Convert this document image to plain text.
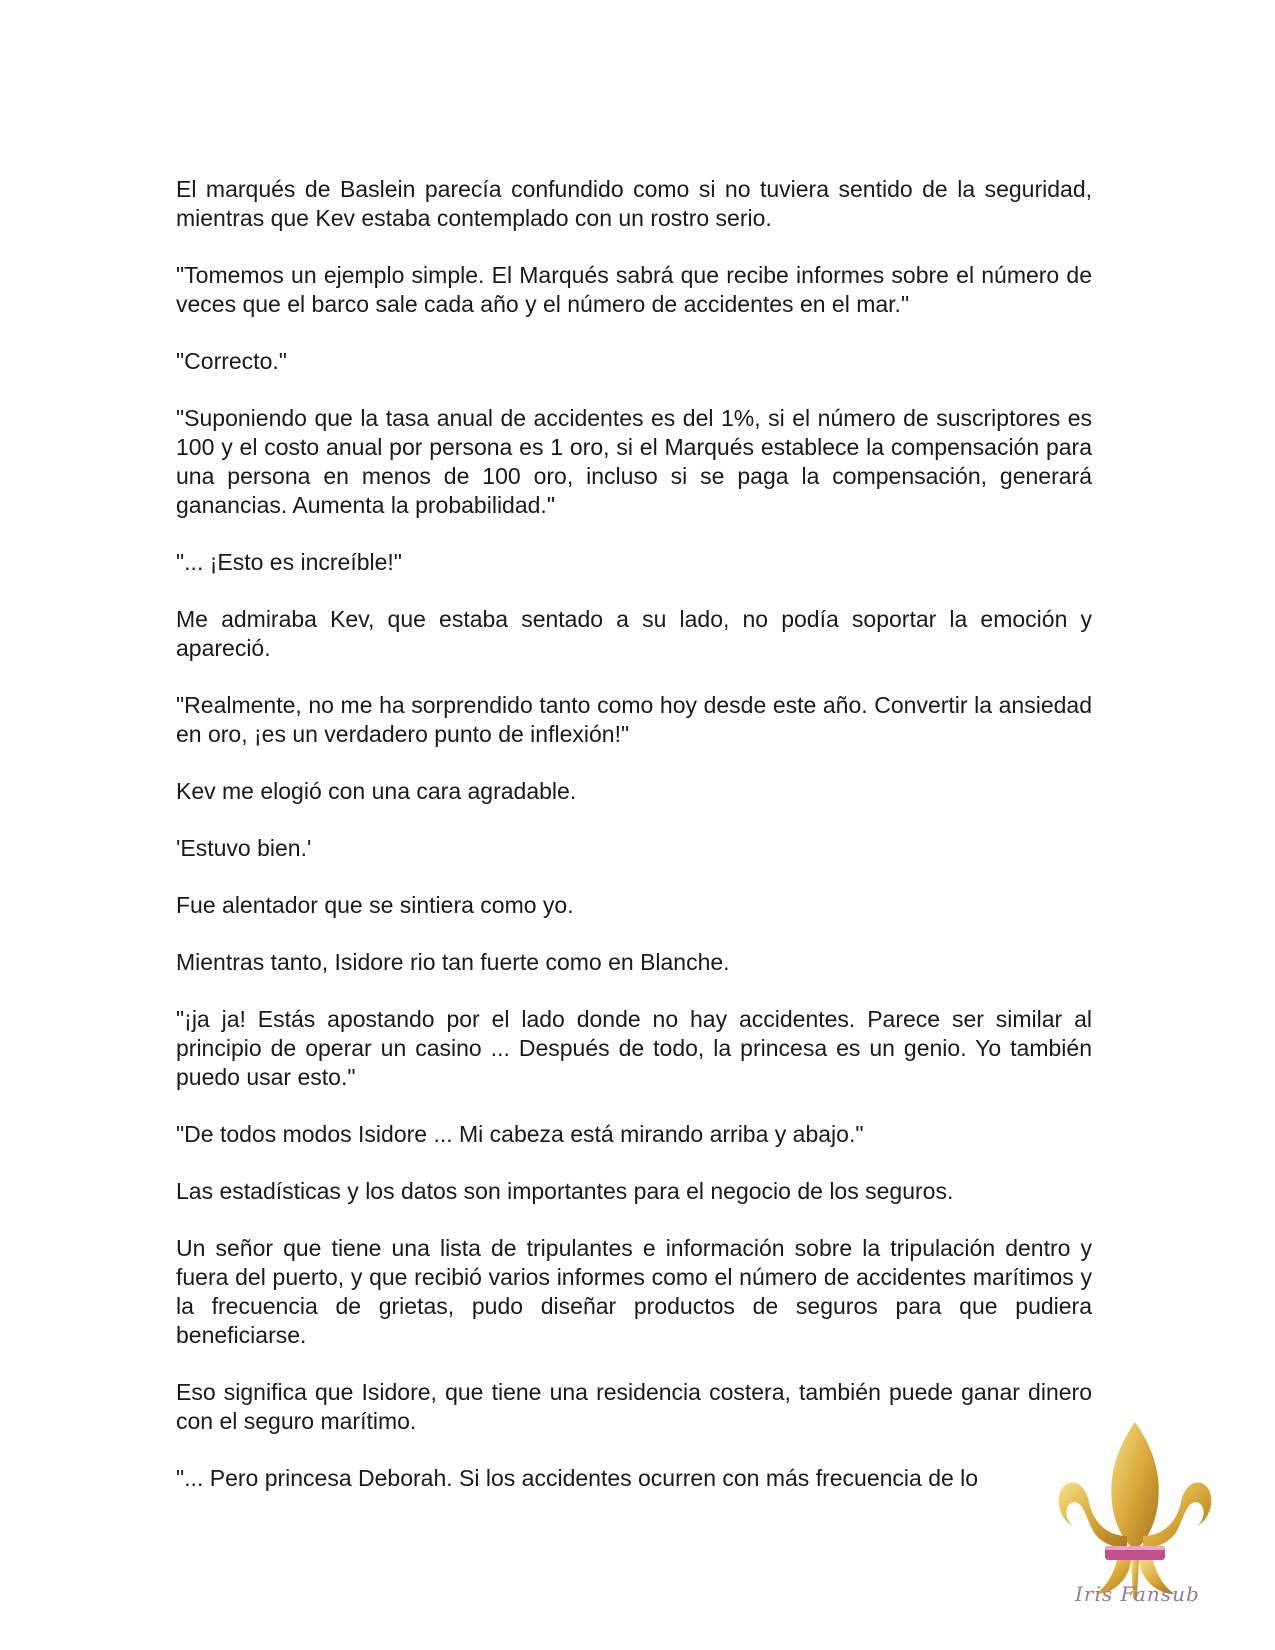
El marqués de Baslein parecía confundido como si no tuviera sentido de la seguridad, mientras que Kev estaba contemplado con un rostro serio.

"Tomemos un ejemplo simple. El Marqués sabrá que recibe informes sobre el número de veces que el barco sale cada año y el número de accidentes en el mar."

"Correcto."

"Suponiendo que la tasa anual de accidentes es del 1%, si el número de suscriptores es 100 y el costo anual por persona es 1 oro, si el Marqués establece la compensación para una persona en menos de 100 oro, incluso si se paga la compensación, generará ganancias. Aumenta la probabilidad."

"... ¡Esto es increíble!"

Me admiraba Kev, que estaba sentado a su lado, no podía soportar la emoción y apareció.

"Realmente, no me ha sorprendido tanto como hoy desde este año. Convertir la ansiedad en oro, ¡es un verdadero punto de inflexión!"

Kev me elogió con una cara agradable.

'Estuvo bien.'

Fue alentador que se sintiera como yo.

Mientras tanto, Isidore rio tan fuerte como en Blanche.

"¡ja ja! Estás apostando por el lado donde no hay accidentes. Parece ser similar al principio de operar un casino ... Después de todo, la princesa es un genio. Yo también puedo usar esto."

"De todos modos Isidore ... Mi cabeza está mirando arriba y abajo."

Las estadísticas y los datos son importantes para el negocio de los seguros.

Un señor que tiene una lista de tripulantes e información sobre la tripulación dentro y fuera del puerto, y que recibió varios informes como el número de accidentes marítimos y la frecuencia de grietas, pudo diseñar productos de seguros para que pudiera beneficiarse.

Eso significa que Isidore, que tiene una residencia costera, también puede ganar dinero con el seguro marítimo.

"... Pero princesa Deborah. Si los accidentes ocurren con más frecuencia de lo

Iris Fansub
